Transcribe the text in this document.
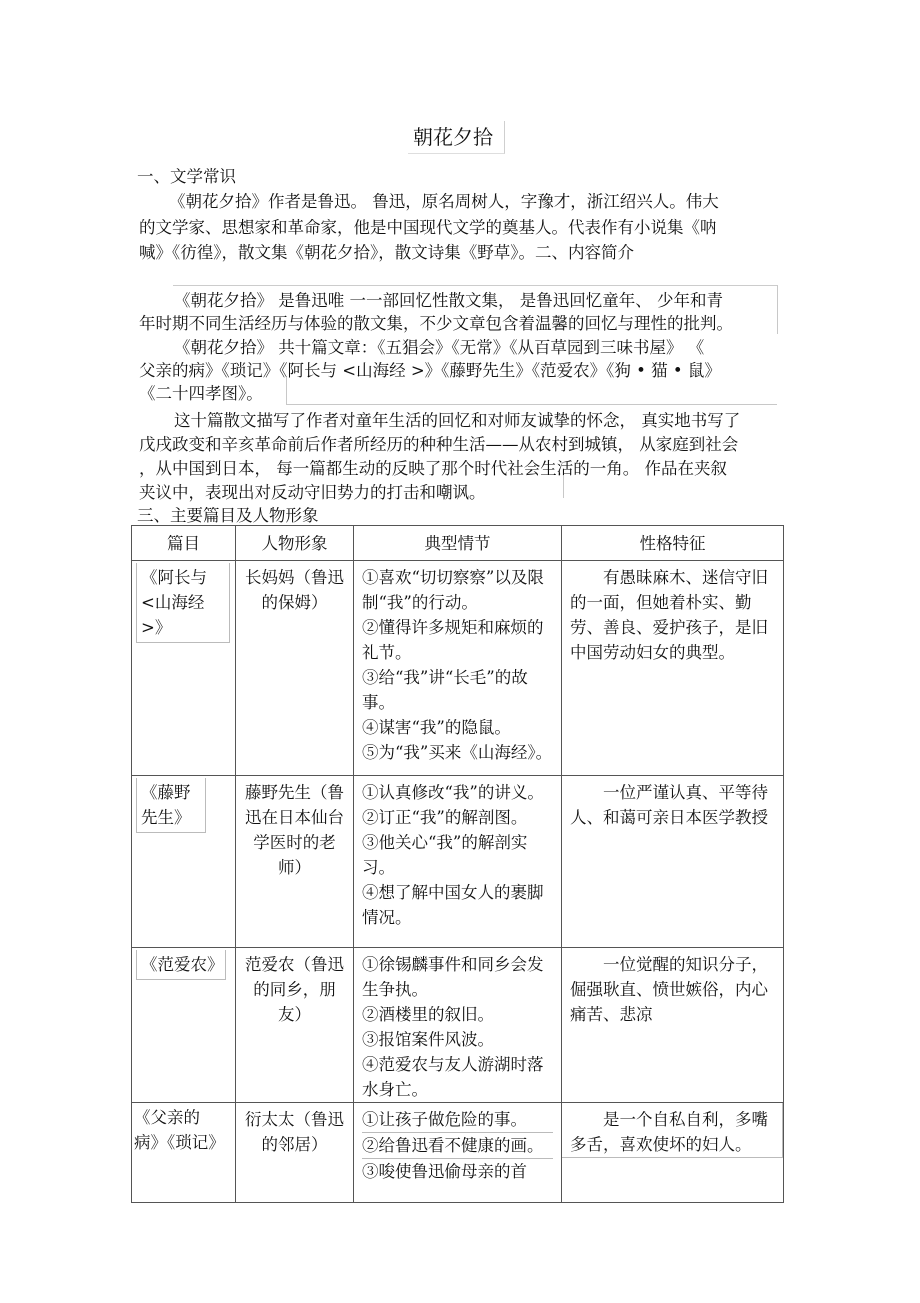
朝花夕拾
一、文学常识
《朝花夕拾》作者是鲁迅。 鲁迅，原名周树人，字豫才，浙江绍兴人。伟大
的文学家、思想家和革命家，他是中国现代文学的奠基人。代表作有小说集《呐
喊》《彷徨》，散文集《朝花夕拾》，散文诗集《野草》。二、内容简介
《朝花夕拾》 是鲁迅唯 一一部回忆性散文集， 是鲁迅回忆童年、 少年和青
年时期不同生活经历与体验的散文集，不少文章包含着温馨的回忆与理性的批判。
《朝花夕拾》 共十篇文章：《五猖会》《无常》《从百草园到三味书屋》 《
父亲的病》《琐记》《阿长与 <山海经 >》《藤野先生》《范爱农》《狗 • 猫 • 鼠》
《二十四孝图》。
这十篇散文描写了作者对童年生活的回忆和对师友诚挚的怀念， 真实地书写了
戊戌政变和辛亥革命前后作者所经历的种种生活——从农村到城镇， 从家庭到社会
，从中国到日本， 每一篇都生动的反映了那个时代社会生活的一角。 作品在夹叙
夹议中，表现出对反动守旧势力的打击和嘲讽。
三、主要篇目及人物形象
篇目	人物形象	典型情节	性格特征

《阿长与 <山海经 >》	长妈妈（鲁迅的保姆）	①喜欢“切切察察”以及限制“我”的行动。
②懂得许多规矩和麻烦的礼节。
③给“我”讲“长毛”的故事。
④谋害“我”的隐鼠。
⑤为“我”买来《山海经》。	有愚昧麻木、迷信守旧的一面，但她着朴实、勤劳、善良、爱护孩子，是旧中国劳动妇女的典型。

《藤野先生》	藤野先生（鲁迅在日本仙台学医时的老师）	①认真修改“我”的讲义。
②订正“我”的解剖图。
③他关心“我”的解剖实习。
④想了解中国女人的裹脚情况。	一位严谨认真、平等待人、和蔼可亲日本医学教授

《范爱农》	范爱农（鲁迅的同乡，朋友）	①徐锡麟事件和同乡会发生争执。
②酒楼里的叙旧。
③报馆案件风波。
④范爱农与友人游湖时落水身亡。	一位觉醒的知识分子，倔强耿直、愤世嫉俗，内心痛苦、悲凉

《父亲的病》《琐记》	衍太太（鲁迅的邻居）	①让孩子做危险的事。
②给鲁迅看不健康的画。
③唆使鲁迅偷母亲的首	是一个自私自利，多嘴多舌，喜欢使坏的妇人。
